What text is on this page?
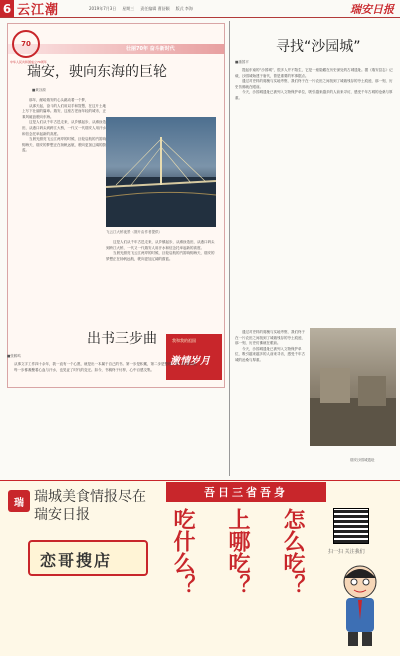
6 云江潮	2019年7月3日 星期三 责任编辑 曹舒颖 版式 李海	瑞安日报
壮丽70年 奋斗新时代
70
中华人民共和国成立70周年
瑞安，驶向东海的巨轮
■黄谷源

那年，献给瑞安的心头跳动着一个梦，

从那天起，奋斗的人们用双手和智慧，在这片土地上写下壮丽的篇章。瑞安，这座古老而年轻的城市，正乘风破浪驶向东海。

这是人们从千年古邑走来，从乡镇起步，从滩涂造田，从港口码头到跨江大桥，一代又一代瑞安人用汗水和信念托举起新的高度。

当晨光照亮飞云江两岸的时候，巨轮启航的汽笛响彻海天，瑞安的梦想正在扬帆远航，驶向更加辽阔的蔚蓝。

飞云江大桥夜景（图片由作者提供）

这是人们从千年古邑走来，从乡镇起步，从滩涂造田，从港口码头到跨江大桥，一代又一代瑞安人用汗水和信念托举起新的高度。

当晨光照亮飞云江两岸的时候，巨轮启航的汽笛响彻海天，瑞安的梦想正在扬帆远航，驶向更加辽阔的蔚蓝。

我和我的祖国
激情岁月
寻找“沙园城”
■潘国平

提起东南的“沙园城”，很多人并不陌生，它是一座隐藏在历史深处的古城遗址。据《瑞安县志》记载，沙园城始建于唐代，曾是重要的军事据点。

通过对史料的爬梳与实地考察，我们终于在一片农田之间找到了城墙残存的夯土痕迹，那一刻，历史仿佛就在眼前。

今天，沙园城遗址已被列入文物保护单位，吸引越来越多的人前来寻访，感受千年古城的沧桑与厚重。

通过对史料的爬梳与实地考察，我们终于在一片农田之间找到了城墙残存的夯土痕迹，那一刻，历史仿佛就在眼前。

今天，沙园城遗址已被列入文物保护单位，吸引越来越多的人前来寻访，感受千年古城的沧桑与厚重。

瑞安沙园城遗址
出书三步曲
■张鹤鸣

从事文字工作四十余年，我一直有一个心愿，就是出一本属于自己的书。第一步是积累，第二步是整理，第三步是出版。

每一步都凝聚着心血与汗水，也见证了时代的变迁。如今，书稿终于付梓，心中百感交集。

瑞 瑞城美食情报尽在
瑞安日报
恋哥搜店
吾日三省吾身
吃什么？ 上哪吃？ 怎么吃？	扫一扫 关注我们
